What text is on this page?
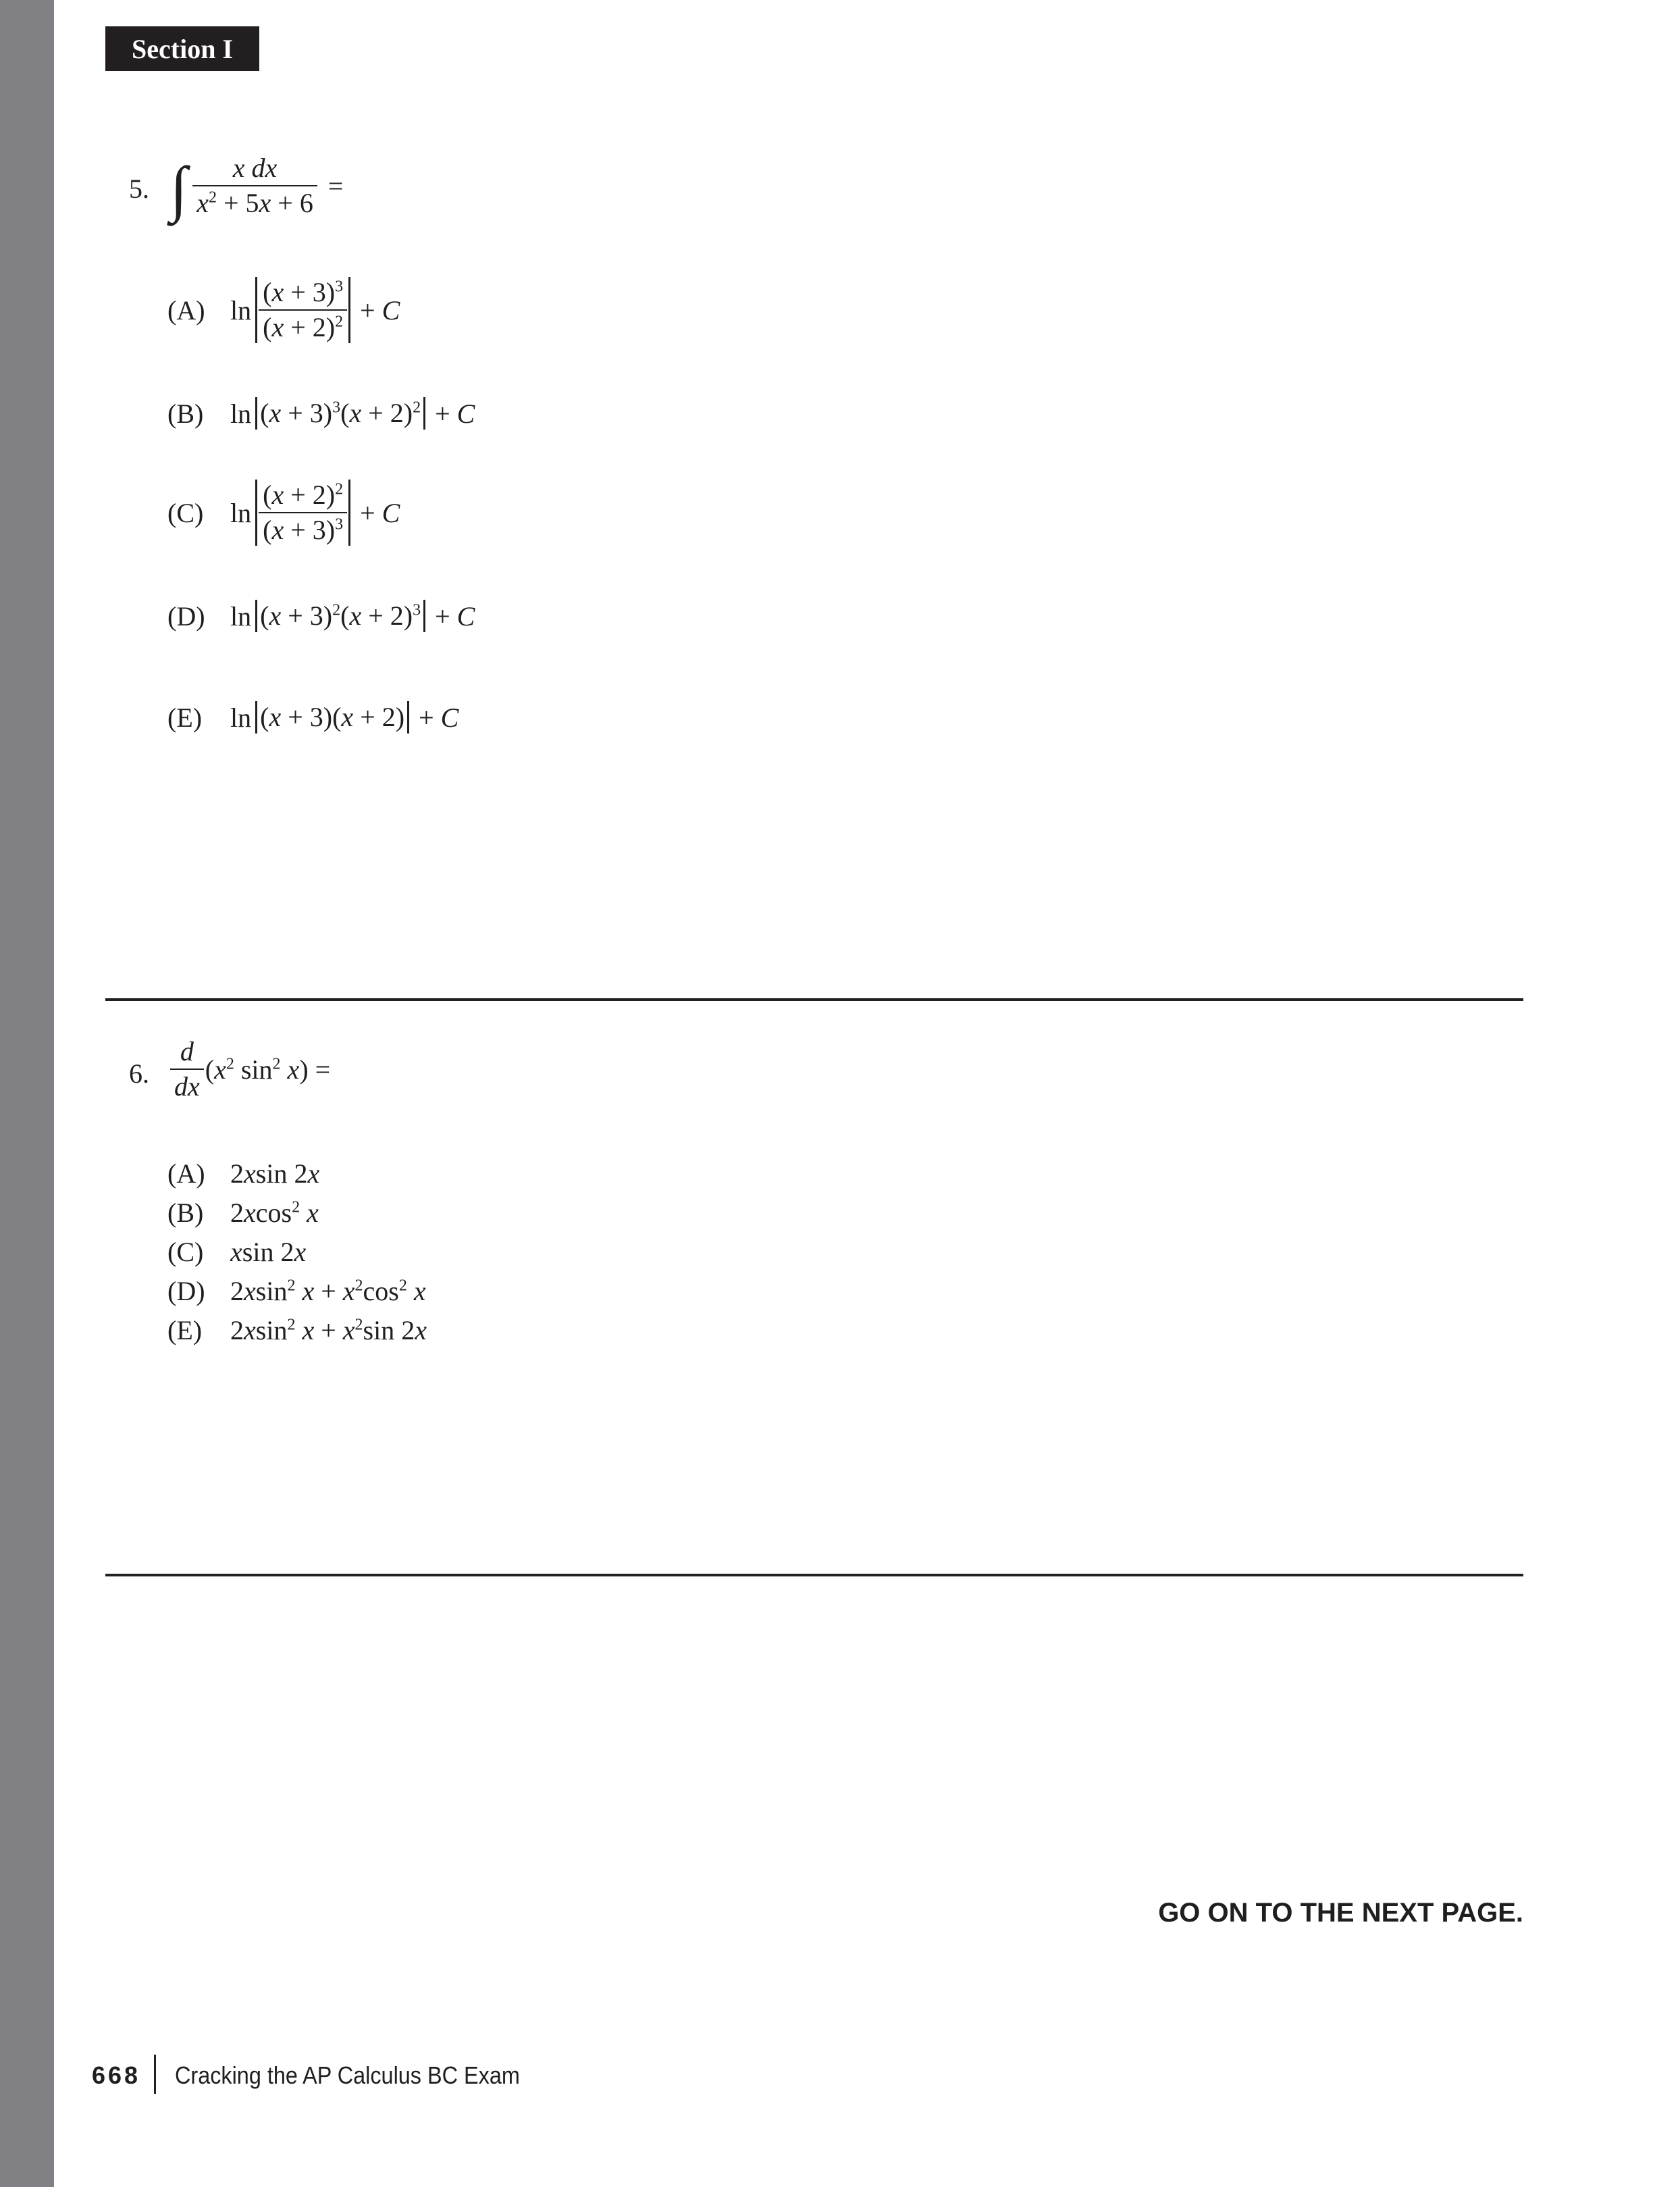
Section I
5. ∫ $\frac{\text{x dx}}{x^2 + 5x + 6}$ =
(A) $\ln \frac{(x + 3)^3}{(x + 2)^2} + C$
(B) $\ln (x + 3)^3(x + 2)^2 + C$
(C) $\ln \frac{(x + 2)^2}{(x + 3)^3} + C$
(D) $\ln (x + 3)^2(x + 2)^3 + C$
(E)	ln (x + 3)(x + 2) + C
6. $\frac{d}{dx} (x^2$ $\sin^2 x$) =
(A) 2xsin 2x
(B) 2xcos$^2$ x
(C) xsin 2x
(D) 2xsin$^2$ $x + x^2\cos^2$ x
(E) 2xsin$^2$ $x + x^2\sin$ 2x
GO ON TO THE NEXT PAGE.
668 Cracking the AP Calculus BC Exam
